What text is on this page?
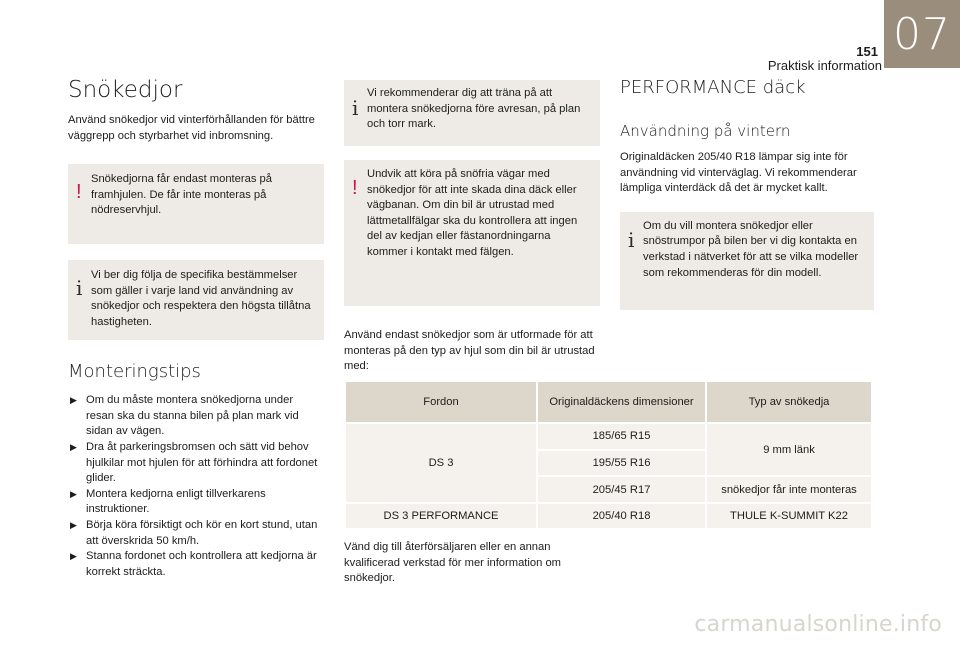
07
151
Praktisk information
Snökedjor

Använd snökedjor vid vinterförhållanden för bättre väggrepp och styrbarhet vid inbromsning.

!
Snökedjorna får endast monteras på framhjulen. De får inte monteras på nödreservhjul.
i
Vi ber dig följa de specifika bestämmelser som gäller i varje land vid användning av snökedjor och respektera den högsta tillåtna hastigheten.
Monteringstips
▶ Om du måste montera snökedjorna under resan ska du stanna bilen på plan mark vid sidan av vägen.
▶ Dra åt parkeringsbromsen och sätt vid behov hjulkilar mot hjulen för att förhindra att fordonet glider.
▶ Montera kedjorna enligt tillverkarens instruktioner.
▶ Börja köra försiktigt och kör en kort stund, utan att överskrida 50 km/h.
▶ Stanna fordonet och kontrollera att kedjorna är korrekt sträckta.
i
Vi rekommenderar dig att träna på att montera snökedjorna före avresan, på plan och torr mark.
!
Undvik att köra på snöfria vägar med snökedjor för att inte skada dina däck eller vägbanan. Om din bil är utrustad med lättmetallfälgar ska du kontrollera att ingen del av kedjan eller fästanordningarna kommer i kontakt med fälgen.

Använd endast snökedjor som är utformade för att monteras på den typ av hjul som din bil är utrustad med:

PERFORMANCE däck
Användning på vintern

Originaldäcken 205/40 R18 lämpar sig inte för användning vid vinterväglag. Vi rekommenderar lämpliga vinterdäck då det är mycket kallt.

i
Om du vill montera snökedjor eller snöstrumpor på bilen ber vi dig kontakta en verkstad i nätverket för att se vilka modeller som rekommenderas för din modell.
Fordon	Originaldäckens dimensioner	Typ av snökedja
DS 3	185/65 R15	9 mm länk
	195/55 R16	
	205/45 R17	snökedjor får inte monteras
DS 3 PERFORMANCE	205/40 R18	THULE K-SUMMIT K22

Vänd dig till återförsäljaren eller en annan kvalificerad verkstad för mer information om snökedjor.

carmanualsonline.info
